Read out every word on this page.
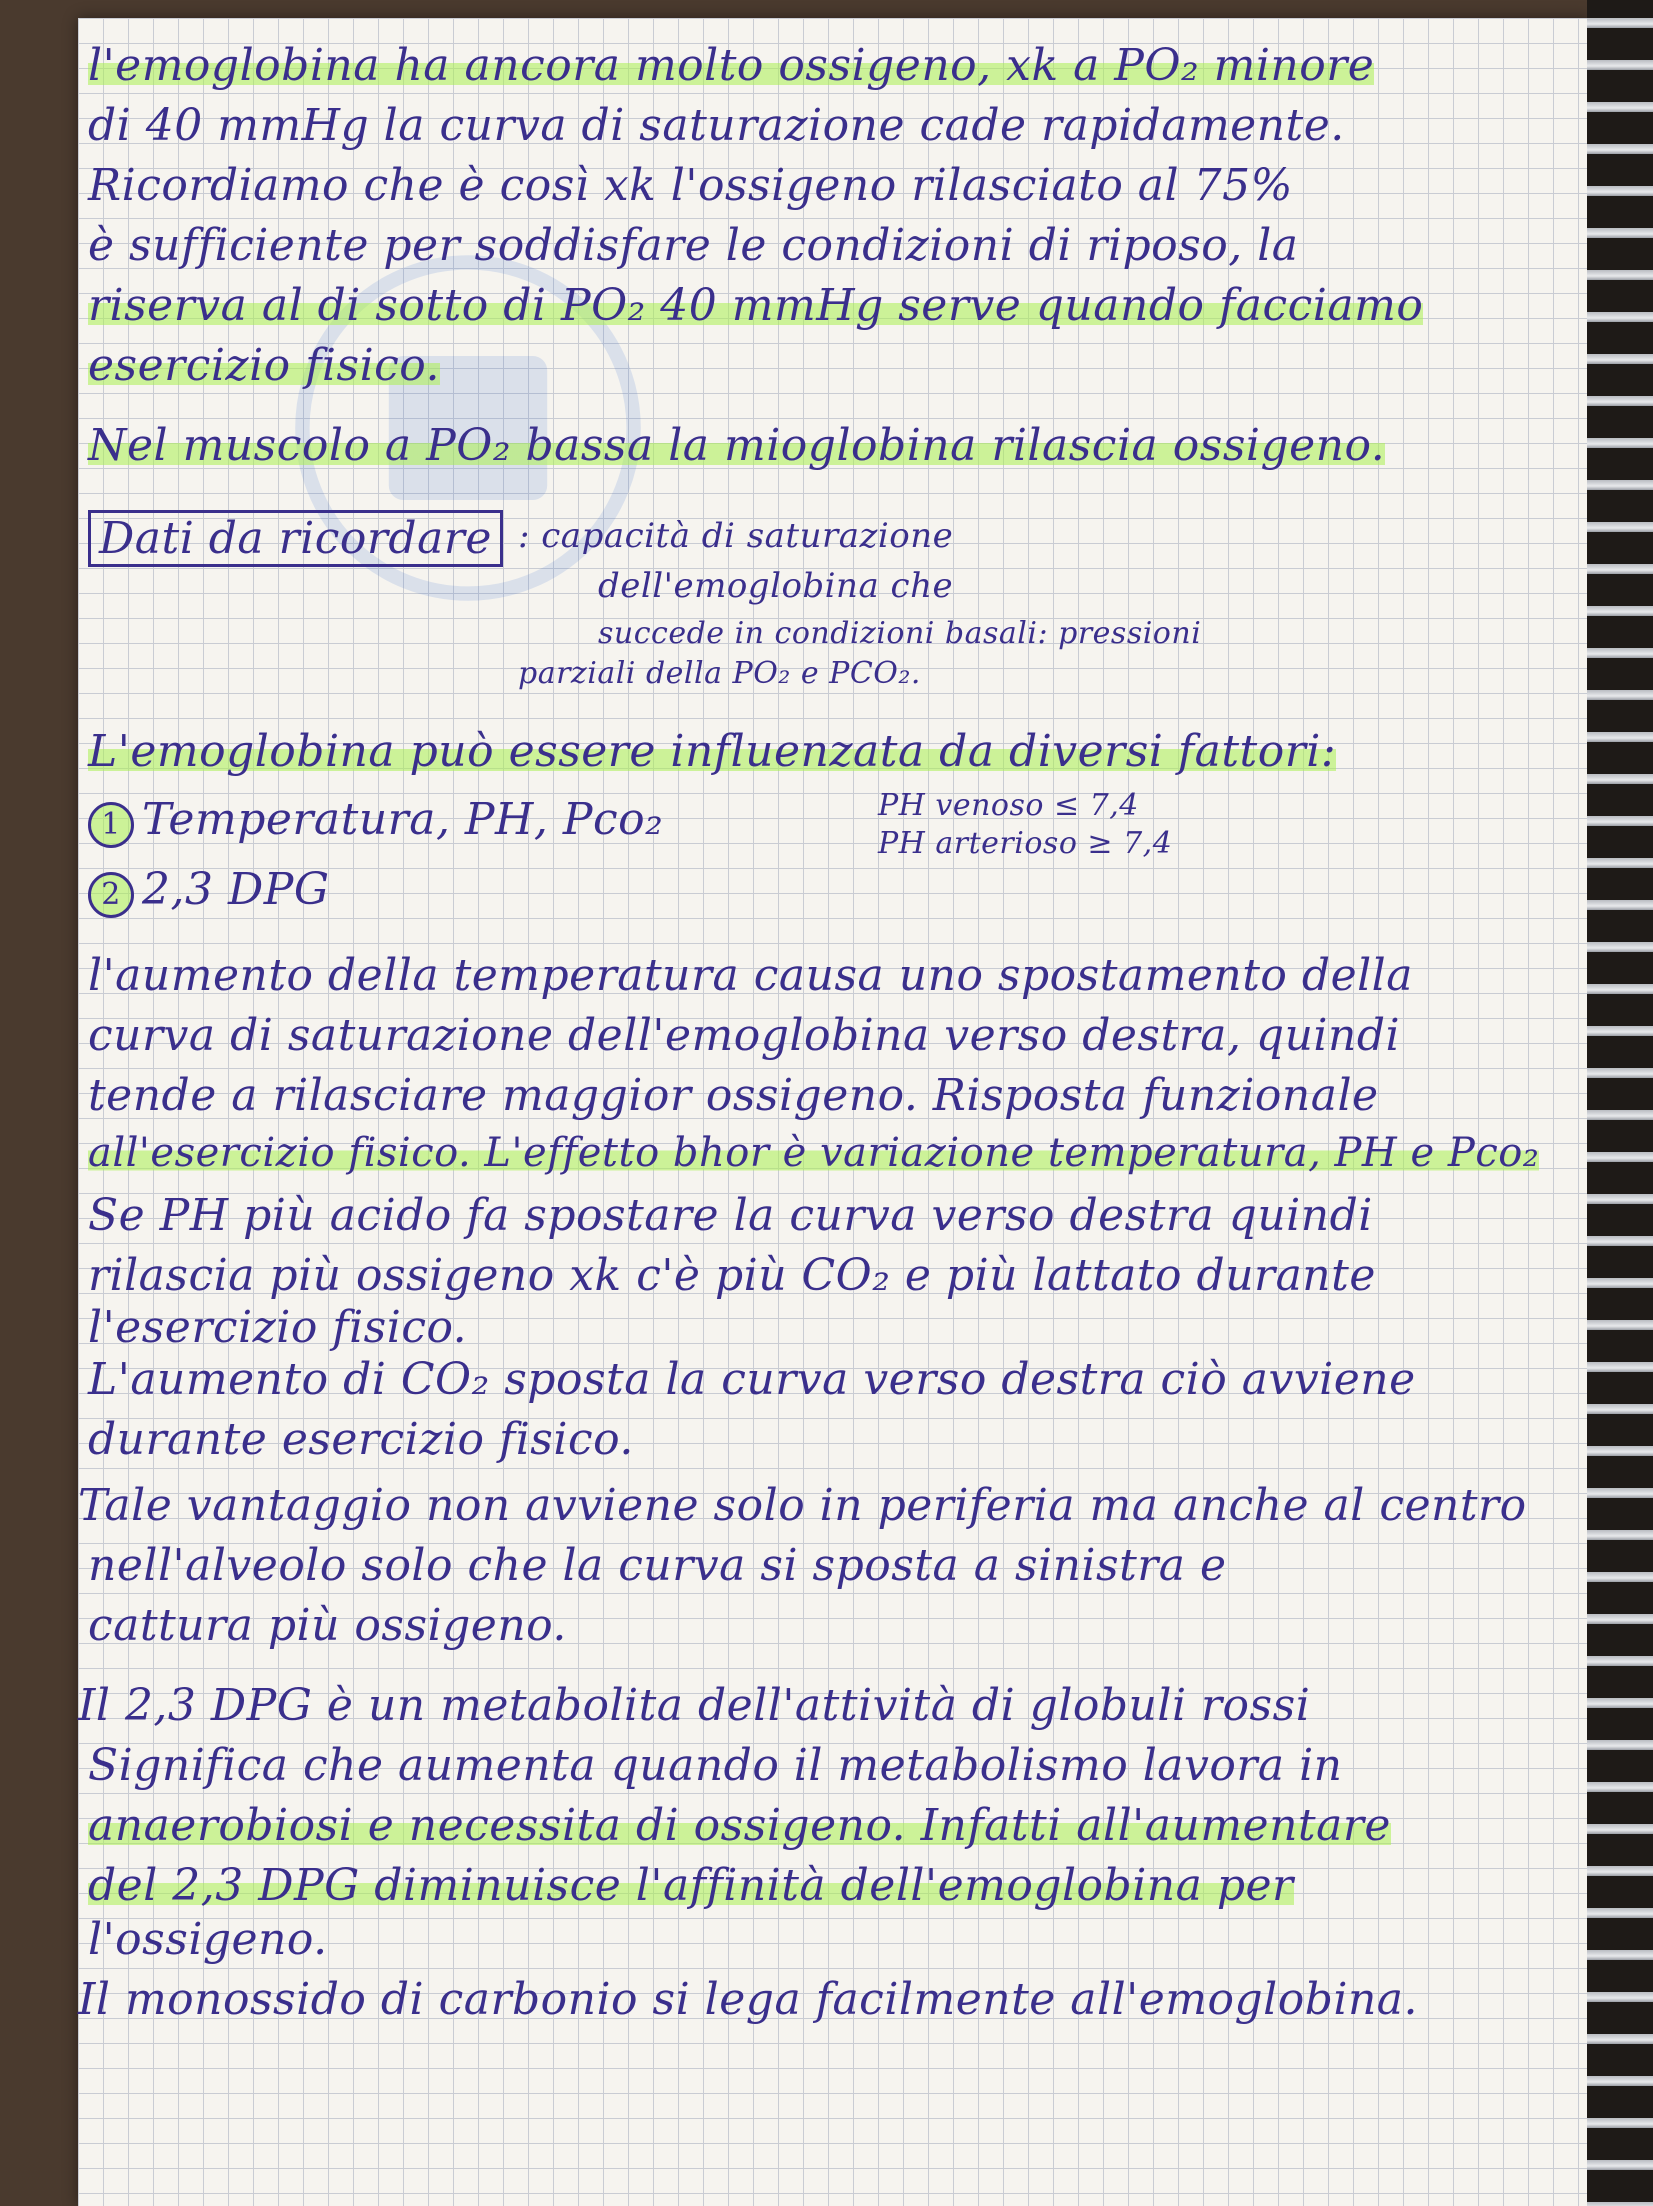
l'emoglobina ha ancora molto ossigeno, xk a PO₂ minore
di 40 mmHg la curva di saturazione cade rapidamente.
Ricordiamo che è così xk l'ossigeno rilasciato al 75%
è sufficiente per soddisfare le condizioni di riposo, la
riserva al di sotto di PO₂ 40 mmHg serve quando facciamo
esercizio fisico.
Nel muscolo a PO₂ bassa la mioglobina rilascia ossigeno.
Dati da ricordare : capacità di saturazione
dell'emoglobina che
succede in condizioni basali: pressioni
parziali della PO₂ e PCO₂.
L'emoglobina può essere influenzata da diversi fattori:
1 Temperatura, PH, Pco₂
2 2,3 DPG
PH venoso ≤ 7,4
PH arterioso ≥ 7,4
l'aumento della temperatura causa uno spostamento della
curva di saturazione dell'emoglobina verso destra, quindi
tende a rilasciare maggior ossigeno. Risposta funzionale
all'esercizio fisico. L'effetto bhor è variazione temperatura, PH e Pco₂
Se PH più acido fa spostare la curva verso destra quindi
rilascia più ossigeno xk c'è più CO₂ e più lattato durante
l'esercizio fisico.
L'aumento di CO₂ sposta la curva verso destra ciò avviene
durante esercizio fisico.
Tale vantaggio non avviene solo in periferia ma anche al centro
nell'alveolo solo che la curva si sposta a sinistra e
cattura più ossigeno.
Il 2,3 DPG è un metabolita dell'attività di globuli rossi
Significa che aumenta quando il metabolismo lavora in
anaerobiosi e necessita di ossigeno. Infatti all'aumentare
del 2,3 DPG diminuisce l'affinità dell'emoglobina per
l'ossigeno.
Il monossido di carbonio si lega facilmente all'emoglobina.
